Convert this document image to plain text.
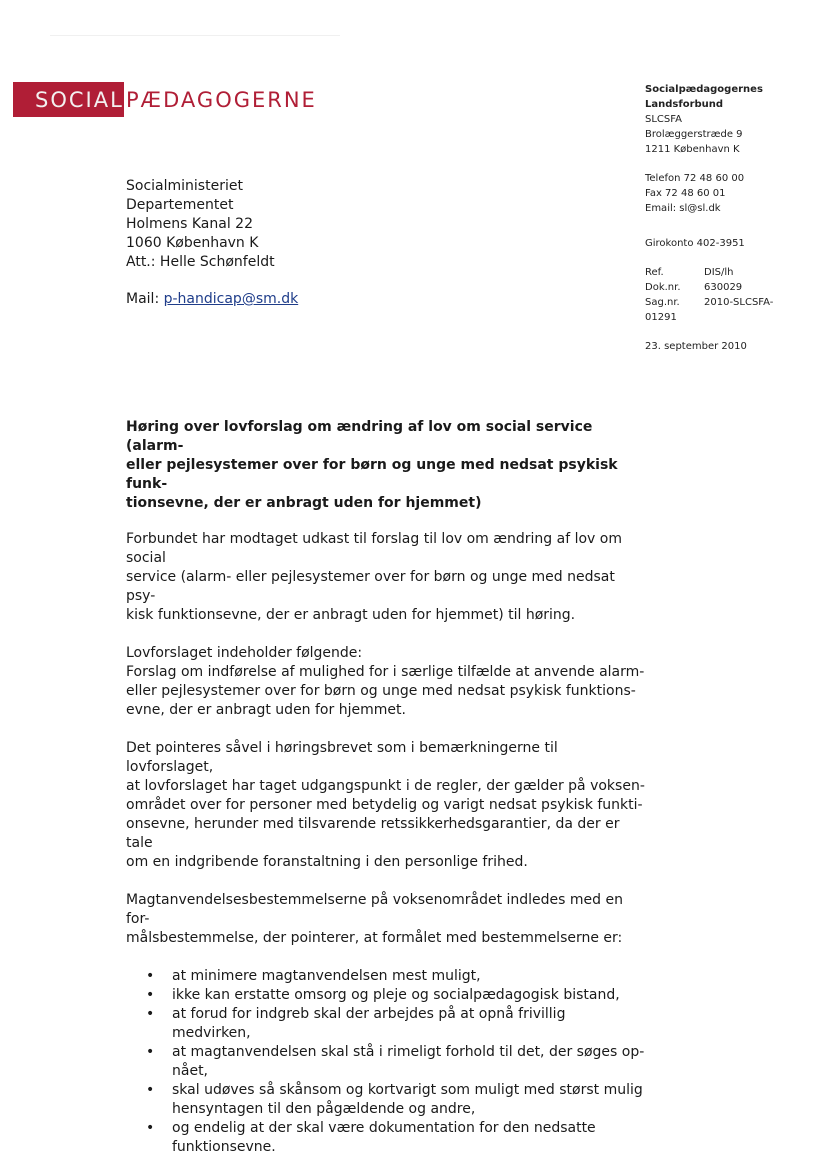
SOCIAL PÆDAGOGERNE	Socialpædagogernes
Landsforbund
SLCSFA
Brolæggerstræde 9
1211 København K
Telefon 72 48 60 00
Fax 72 48 60 01
Email: sl@sl.dk
Girokonto 402-3951
Ref.	DIS/lh
Dok.nr.	630029
Sag.nr.	2010-SLCSFA-
01291
23. september 2010
Socialministeriet
Departementet
Holmens Kanal 22
1060 København K
Att.: Helle Schønfeldt
Mail: p-handicap@sm.dk
Høring over lovforslag om ændring af lov om social service (alarm-
eller pejlesystemer over for børn og unge med nedsat psykisk funk-
tionsevne, der er anbragt uden for hjemmet)

Forbundet har modtaget udkast til forslag til lov om ændring af lov om social
service (alarm- eller pejlesystemer over for børn og unge med nedsat psy-
kisk funktionsevne, der er anbragt uden for hjemmet) til høring.

Lovforslaget indeholder følgende:
Forslag om indførelse af mulighed for i særlige tilfælde at anvende alarm-
eller pejlesystemer over for børn og unge med nedsat psykisk funktions-
evne, der er anbragt uden for hjemmet.

Det pointeres såvel i høringsbrevet som i bemærkningerne til lovforslaget,
at lovforslaget har taget udgangspunkt i de regler, der gælder på voksen-
området over for personer med betydelig og varigt nedsat psykisk funkti-
onsevne, herunder med tilsvarende retssikkerhedsgarantier, da der er tale
om en indgribende foranstaltning i den personlige frihed.

Magtanvendelsesbestemmelserne på voksenområdet indledes med en for-
målsbestemmelse, der pointerer, at formålet med bestemmelserne er:

• at minimere magtanvendelsen mest muligt,
• ikke kan erstatte omsorg og pleje og socialpædagogisk bistand,
• at forud for indgreb skal der arbejdes på at opnå frivillig medvirken,
• at magtanvendelsen skal stå i rimeligt forhold til det, der søges op-
nået,
• skal udøves så skånsom og kortvarigt som muligt med størst mulig
hensyntagen til den pågældende og andre,
• og endelig at der skal være dokumentation for den nedsatte
funktionsevne.
